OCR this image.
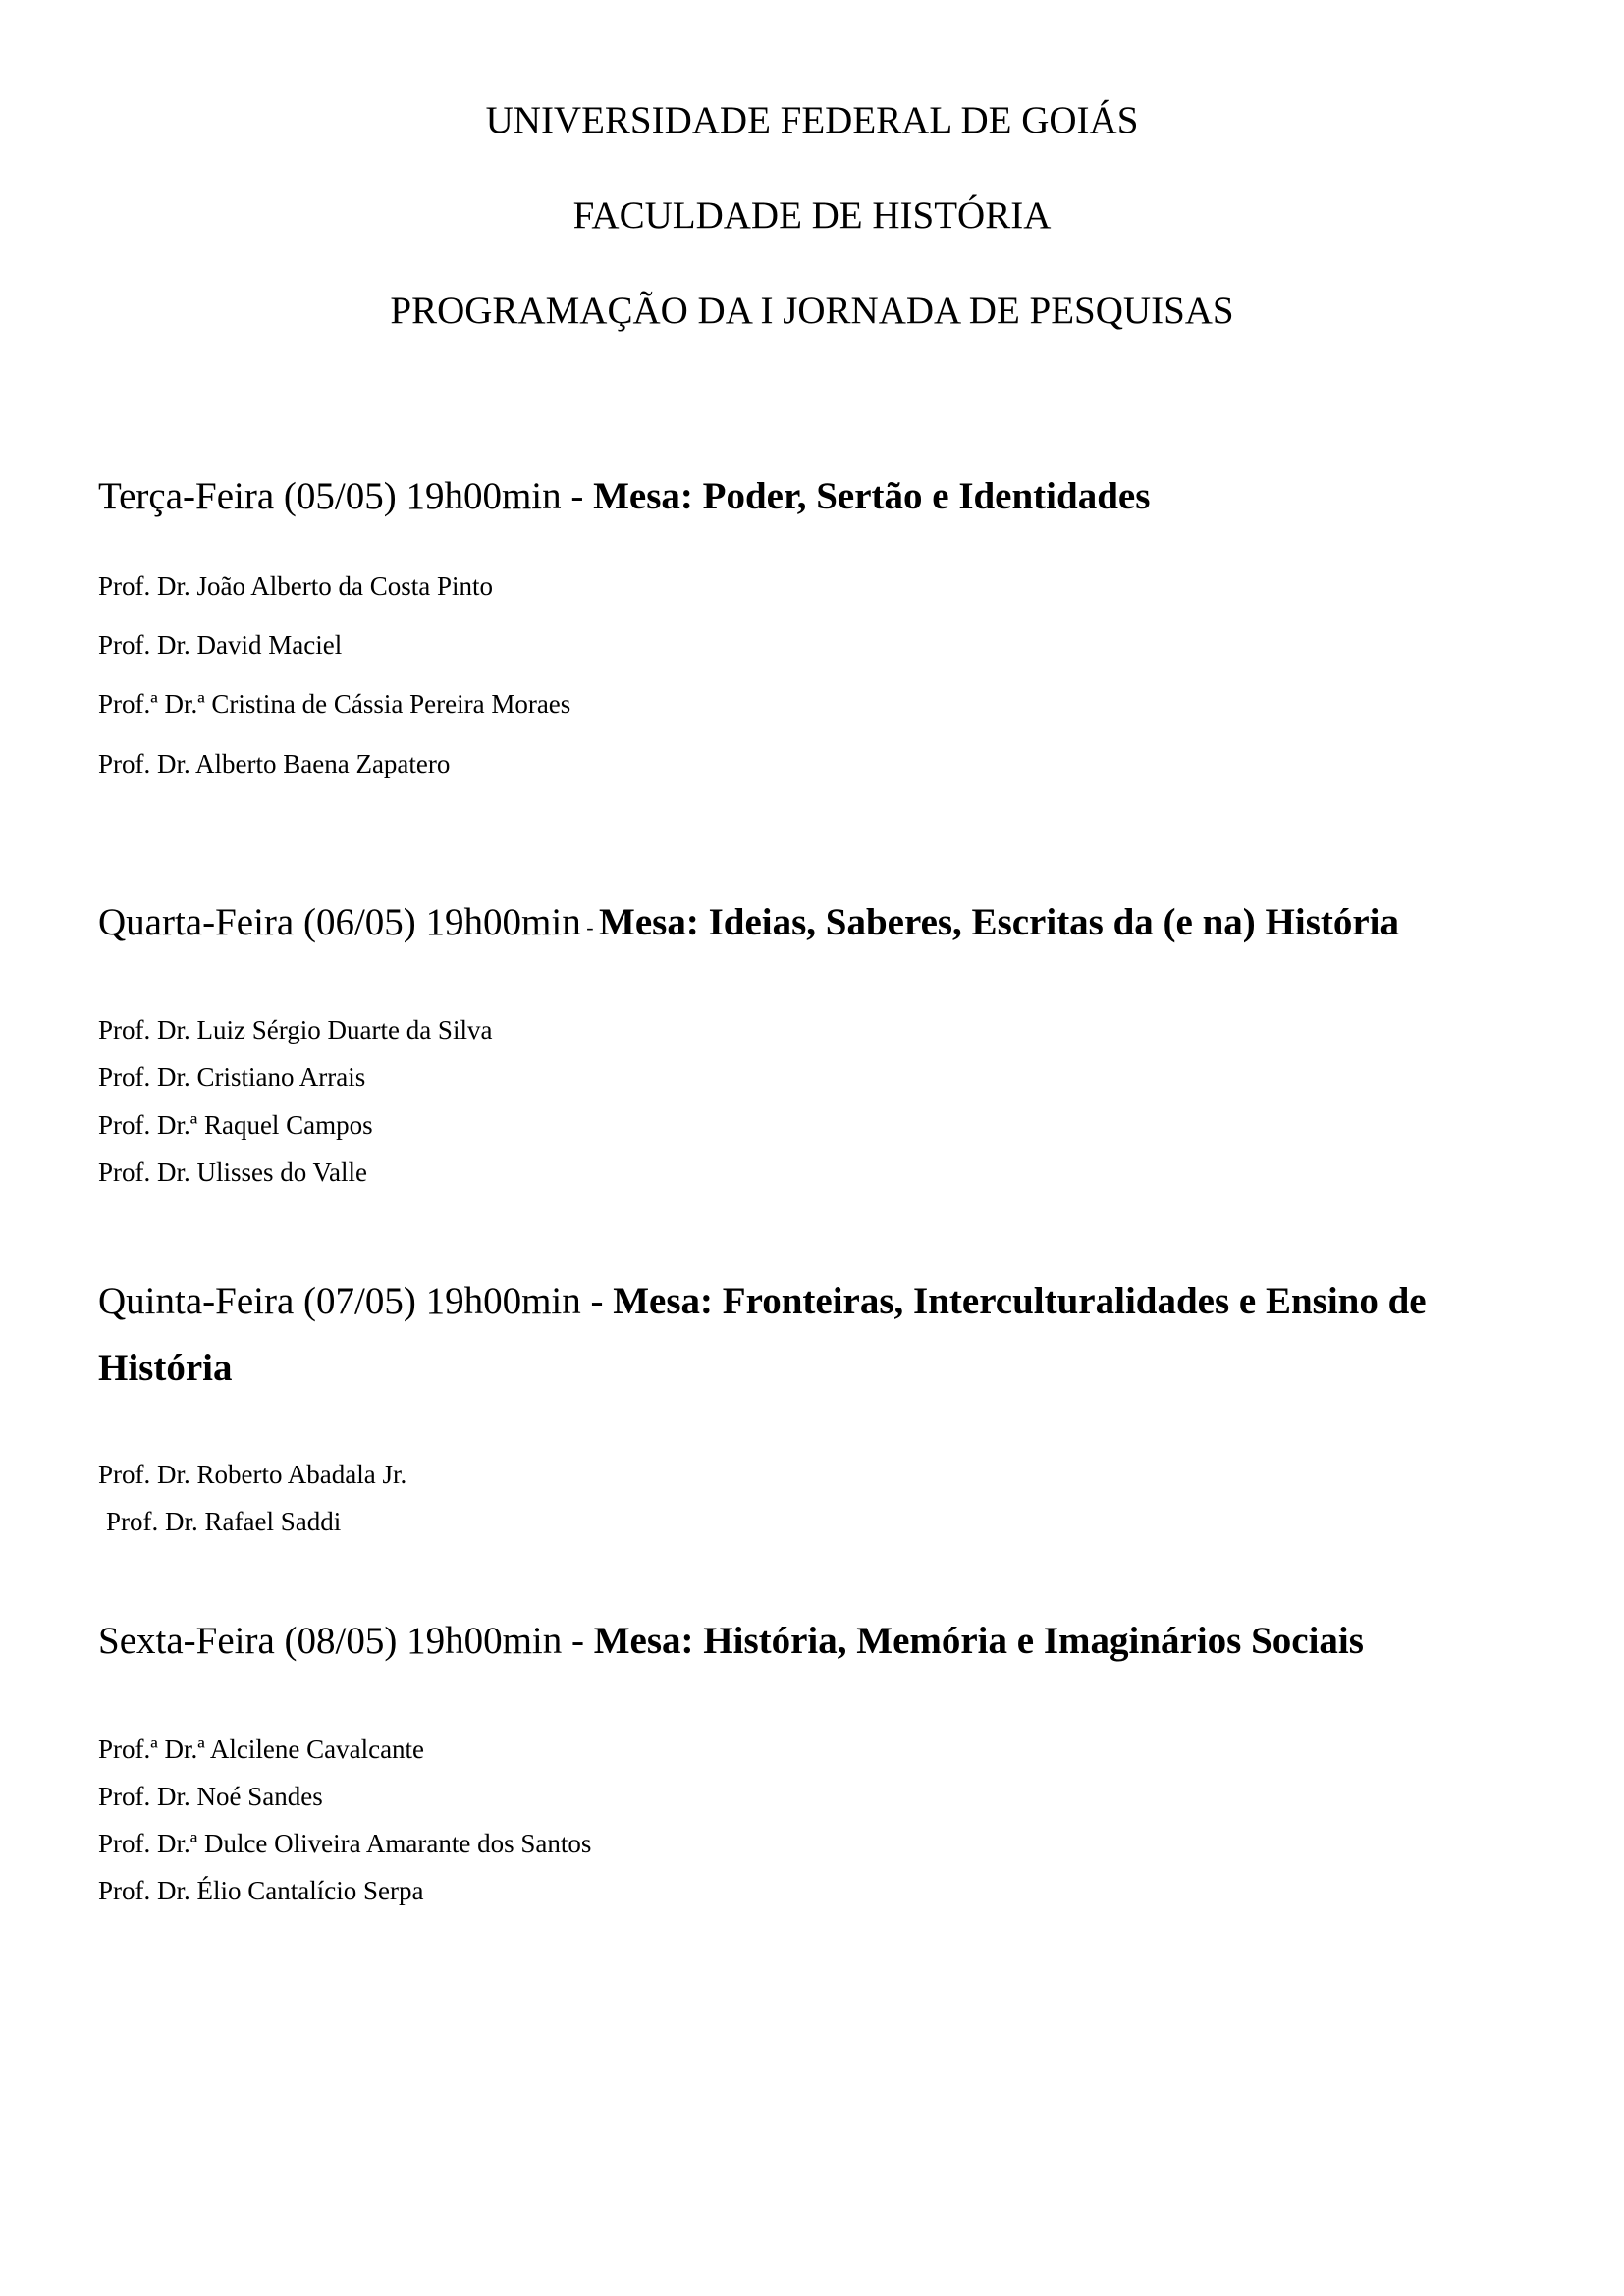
UNIVERSIDADE FEDERAL DE GOIÁS
FACULDADE DE HISTÓRIA
PROGRAMAÇÃO DA I JORNADA DE PESQUISAS
Terça-Feira (05/05) 19h00min - Mesa: Poder, Sertão e Identidades
Prof. Dr. João Alberto da Costa Pinto
Prof. Dr. David Maciel
Prof.ª Dr.ª Cristina de Cássia Pereira Moraes
Prof. Dr. Alberto Baena Zapatero
Quarta-Feira (06/05) 19h00min - Mesa: Ideias, Saberes, Escritas da (e na) História
Prof. Dr. Luiz Sérgio Duarte da Silva
Prof. Dr. Cristiano Arrais
Prof. Dr.ª Raquel Campos
Prof. Dr. Ulisses do Valle
Quinta-Feira (07/05) 19h00min - Mesa: Fronteiras, Interculturalidades e Ensino de História
Prof. Dr. Roberto Abadala Jr.
Prof. Dr. Rafael Saddi
Sexta-Feira (08/05) 19h00min - Mesa: História, Memória e Imaginários Sociais
Prof.ª Dr.ª Alcilene Cavalcante
Prof. Dr. Noé Sandes
Prof. Dr.ª Dulce Oliveira Amarante dos Santos
Prof. Dr. Élio Cantalício Serpa
